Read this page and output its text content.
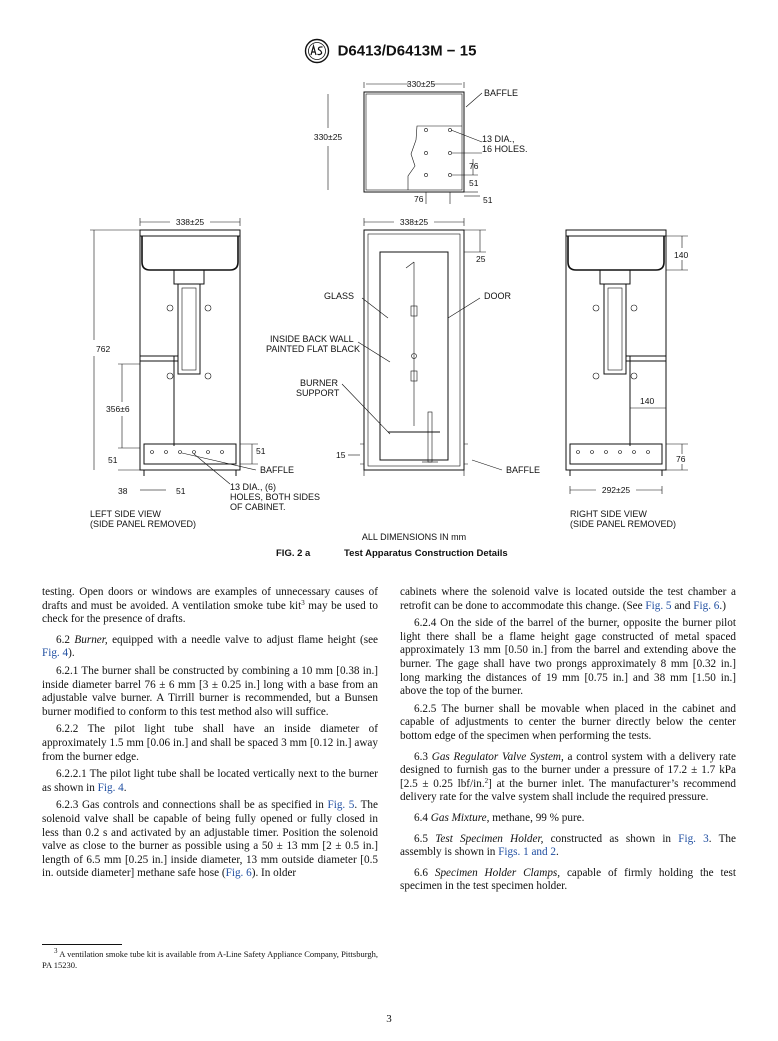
D6413/D6413M − 15
330±25
330±25
BAFFLE
13 DIA.,
16 HOLES.
76
51
76	51
338±25
762
356±6
51
51
38	51
BAFFLE
13 DIA., (6)
HOLES, BOTH SIDES
OF CABINET.
LEFT SIDE VIEW
(SIDE PANEL REMOVED)
338±25
25
GLASS	DOOR
INSIDE BACK WALL
PAINTED FLAT BLACK
BURNER
SUPPORT
15
BAFFLE
140
140
76
292±25
RIGHT SIDE VIEW
(SIDE PANEL REMOVED)
ALL DIMENSIONS IN mm
FIG. 2 a	Test Apparatus Construction Details

testing. Open doors or windows are examples of unnecessary causes of drafts and must be avoided. A ventilation smoke tube kit$^3$ may be used to check for the presence of drafts.

6.2 Burner, equipped with a needle valve to adjust flame height (see Fig. 4).

6.2.1 The burner shall be constructed by combining a 10 mm [0.38 in.] inside diameter barrel 76 ± 6 mm [3 ± 0.25 in.] long with a base from an adjustable valve burner. A Tirrill burner is recommended, but a Bunsen burner modified to conform to this test method also will suffice.

6.2.2 The pilot light tube shall have an inside diameter of approximately 1.5 mm [0.06 in.] and shall be spaced 3 mm [0.12 in.] away from the burner edge.

6.2.2.1 The pilot light tube shall be located vertically next to the burner as shown in Fig. 4.

6.2.3 Gas controls and connections shall be as specified in Fig. 5. The solenoid valve shall be capable of being fully opened or fully closed in less than 0.2 s and activated by an adjustable timer. Position the solenoid valve as close to the burner as possible using a 50 ± 13 mm [2 ± 0.5 in.] length of 6.5 mm [0.25 in.] inside diameter, 13 mm outside diameter [0.5 in. outside diameter] methane safe hose (Fig. 6). In older

cabinets where the solenoid valve is located outside the test chamber a retrofit can be done to accommodate this change. (See Fig. 5 and Fig. 6.)

6.2.4 On the side of the barrel of the burner, opposite the burner pilot light there shall be a flame height gage constructed of metal spaced approximately 13 mm [0.50 in.] from the barrel and extending above the burner. The gage shall have two prongs approximately 8 mm [0.32 in.] long marking the distances of 19 mm [0.75 in.] and 38 mm [1.50 in.] above the top of the burner.

6.2.5 The burner shall be movable when placed in the cabinet and capable of adjustments to center the burner directly below the center bottom edge of the specimen when performing the tests.

6.3 Gas Regulator Valve System, a control system with a delivery rate designed to furnish gas to the burner under a pressure of 17.2 ± 1.7 kPa [2.5 ± 0.25 lbf/in.$^2$] at the burner inlet. The manufacturer’s recommend delivery rate for the valve system shall include the required pressure.

6.4 Gas Mixture, methane, 99 % pure.

6.5 Test Specimen Holder, constructed as shown in Fig. 3. The assembly is shown in Figs. 1 and 2.

6.6 Specimen Holder Clamps, capable of firmly holding the test specimen in the test specimen holder.

$^3$ A ventilation smoke tube kit is available from A-Line Safety Appliance Company, Pittsburgh, PA 15230.

3
